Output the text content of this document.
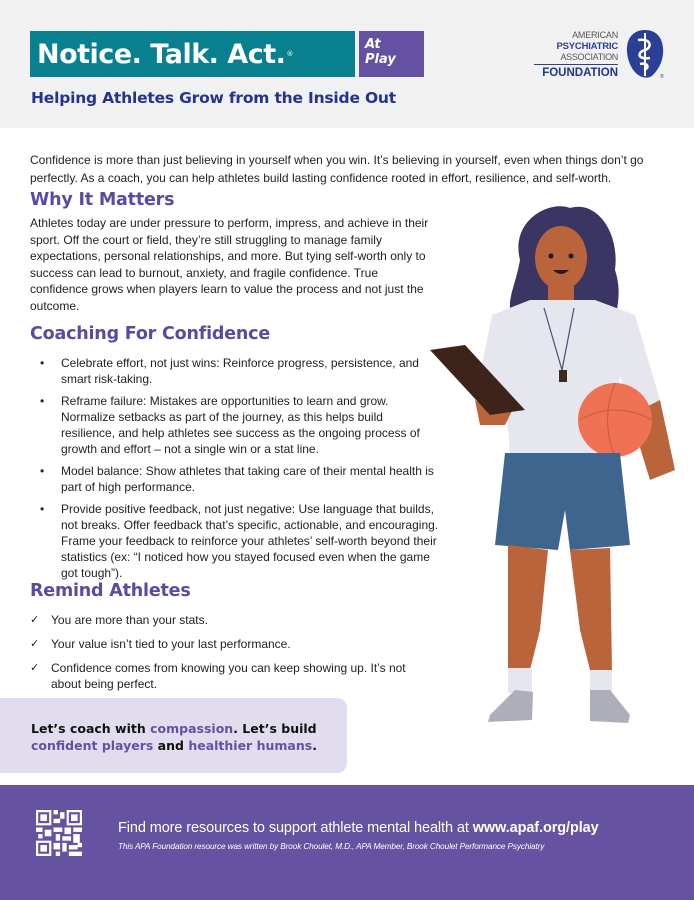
Notice. Talk. Act. ®
At
Play
Helping Athletes Grow from the Inside Out
AMERICAN
PSYCHIATRIC
ASSOCIATION
FOUNDATION	®

Confidence is more than just believing in yourself when you win. It’s believing in yourself, even when things don’t go perfectly. As a coach, you can help athletes build lasting confidence rooted in effort, resilience, and self-worth.

Why It Matters

Athletes today are under pressure to perform, impress, and achieve in their sport. Off the court or field, they’re still struggling to manage family expectations, personal relationships, and more. But tying self-worth only to success can lead to burnout, anxiety, and fragile confidence. True confidence grows when players learn to value the process and not just the outcome.

Coaching For Confidence
• Celebrate effort, not just wins: Reinforce progress, persistence, and smart risk-taking.
• Reframe failure: Mistakes are opportunities to learn and grow. Normalize setbacks as part of the journey, as this helps build resilience, and help athletes see success as the ongoing process of growth and effort – not a single win or a stat line.
• Model balance: Show athletes that taking care of their mental health is part of high performance.
• Provide positive feedback, not just negative: Use language that builds, not breaks. Offer feedback that’s specific, actionable, and encouraging. Frame your feedback to reinforce your athletes’ self-worth beyond their statistics (ex: “I noticed how you stayed focused even when the game got tough”).
Remind Athletes
✓ You are more than your stats.
✓ Your value isn’t tied to your last performance.
✓ Confidence comes from knowing you can keep showing up. It’s not about being perfect.
Let’s coach with compassion. Let’s build
confident players and healthier humans.
Find more resources to support athlete mental health at www.apaf.org/play
This APA Foundation resource was written by Brook Choulet, M.D., APA Member, Brook Choulet Performance Psychiatry
